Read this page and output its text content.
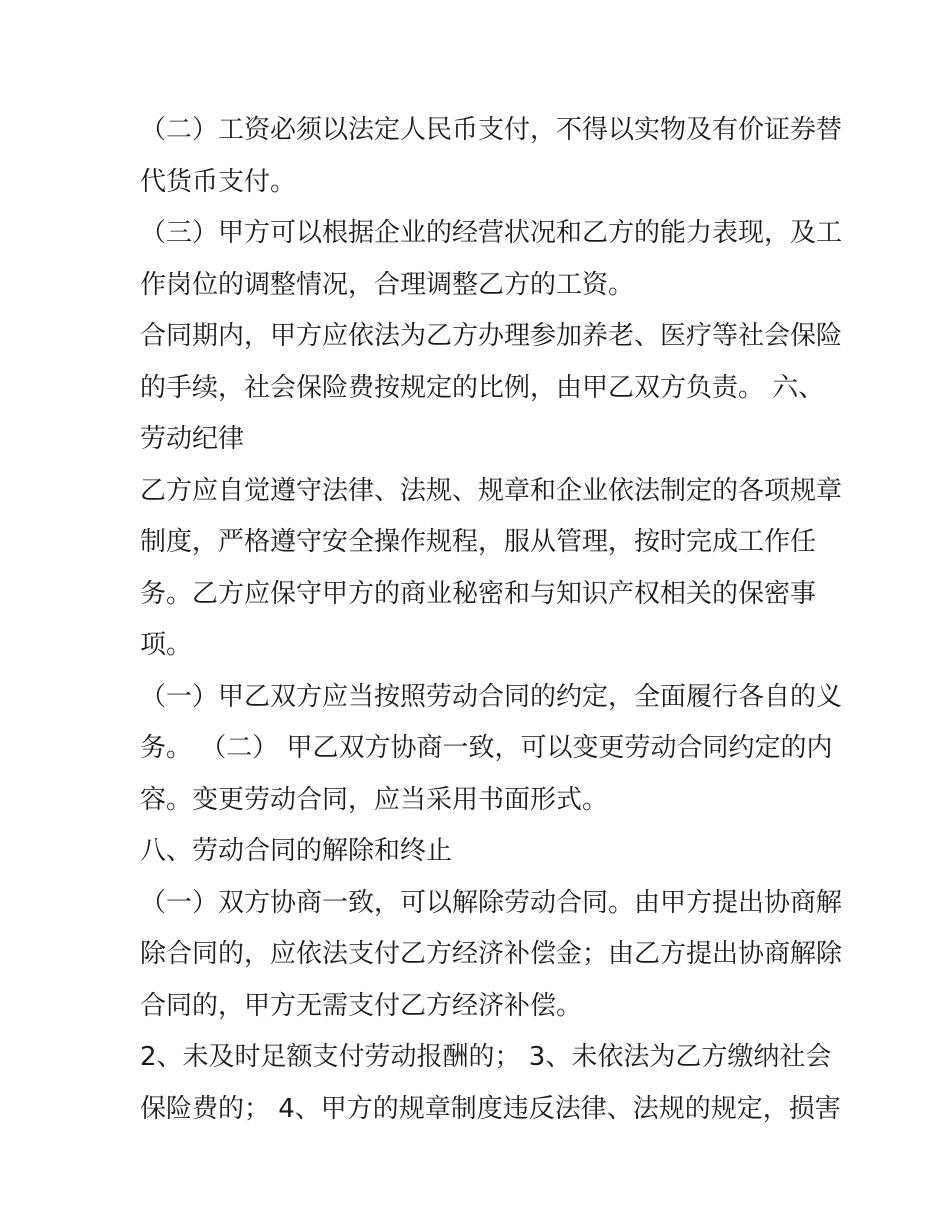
（二）工资必须以法定人民币支付，不得以实物及有价证券替
代货币支付。
（三）甲方可以根据企业的经营状况和乙方的能力表现，及工
作岗位的调整情况，合理调整乙方的工资。
合同期内，甲方应依法为乙方办理参加养老、医疗等社会保险
的手续，社会保险费按规定的比例，由甲乙双方负责。 六、
劳动纪律
乙方应自觉遵守法律、法规、规章和企业依法制定的各项规章
制度，严格遵守安全操作规程，服从管理，按时完成工作任
务。乙方应保守甲方的商业秘密和与知识产权相关的保密事
项。
（一）甲乙双方应当按照劳动合同的约定，全面履行各自的义
务。 （二） 甲乙双方协商一致，可以变更劳动合同约定的内
容。变更劳动合同，应当采用书面形式。
八、劳动合同的解除和终止
（一）双方协商一致，可以解除劳动合同。由甲方提出协商解
除合同的，应依法支付乙方经济补偿金；由乙方提出协商解除
合同的，甲方无需支付乙方经济补偿。
2、未及时足额支付劳动报酬的； 3、未依法为乙方缴纳社会
保险费的； 4、甲方的规章制度违反法律、法规的规定，损害
